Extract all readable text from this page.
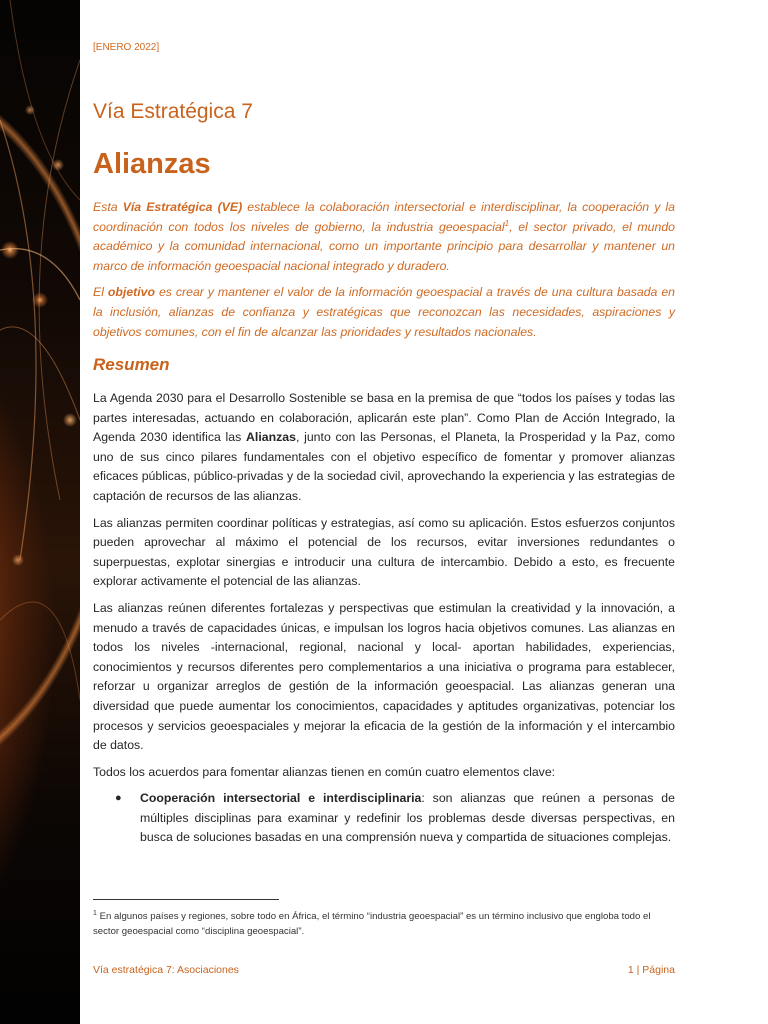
[ENERO 2022]
Vía Estratégica 7
Alianzas

Esta Vía Estratégica (VE) establece la colaboración intersectorial e interdisciplinar, la cooperación y la coordinación con todos los niveles de gobierno, la industria geoespacial$^1$, el sector privado, el mundo académico y la comunidad internacional, como un importante principio para desarrollar y mantener un marco de información geoespacial nacional integrado y duradero.

El objetivo es crear y mantener el valor de la información geoespacial a través de una cultura basada en la inclusión, alianzas de confianza y estratégicas que reconozcan las necesidades, aspiraciones y objetivos comunes, con el fin de alcanzar las prioridades y resultados nacionales.

Resumen

La Agenda 2030 para el Desarrollo Sostenible se basa en la premisa de que “todos los países y todas las partes interesadas, actuando en colaboración, aplicarán este plan”. Como Plan de Acción Integrado, la Agenda 2030 identifica las Alianzas, junto con las Personas, el Planeta, la Prosperidad y la Paz, como uno de sus cinco pilares fundamentales con el objetivo específico de fomentar y promover alianzas eficaces públicas, público-privadas y de la sociedad civil, aprovechando la experiencia y las estrategias de captación de recursos de las alianzas.

Las alianzas permiten coordinar políticas y estrategias, así como su aplicación. Estos esfuerzos conjuntos pueden aprovechar al máximo el potencial de los recursos, evitar inversiones redundantes o superpuestas, explotar sinergias e introducir una cultura de intercambio. Debido a esto, es frecuente explorar activamente el potencial de las alianzas.

Las alianzas reúnen diferentes fortalezas y perspectivas que estimulan la creatividad y la innovación, a menudo a través de capacidades únicas, e impulsan los logros hacia objetivos comunes. Las alianzas en todos los niveles -internacional, regional, nacional y local- aportan habilidades, experiencias, conocimientos y recursos diferentes pero complementarios a una iniciativa o programa para establecer, reforzar u organizar arreglos de gestión de la información geoespacial. Las alianzas generan una diversidad que puede aumentar los conocimientos, capacidades y aptitudes organizativas, potenciar los procesos y servicios geoespaciales y mejorar la eficacia de la gestión de la información y el intercambio de datos.

Todos los acuerdos para fomentar alianzas tienen en común cuatro elementos clave:

● Cooperación intersectorial e interdisciplinaria: son alianzas que reúnen a personas de múltiples disciplinas para examinar y redefinir los problemas desde diversas perspectivas, en busca de soluciones basadas en una comprensión nueva y compartida de situaciones complejas.
$^1$ En algunos países y regiones, sobre todo en África, el término “industria geoespacial” es un término inclusivo que engloba todo el sector geoespacial como “disciplina geoespacial”.
Vía estratégica 7: Asociaciones	1 | Página
